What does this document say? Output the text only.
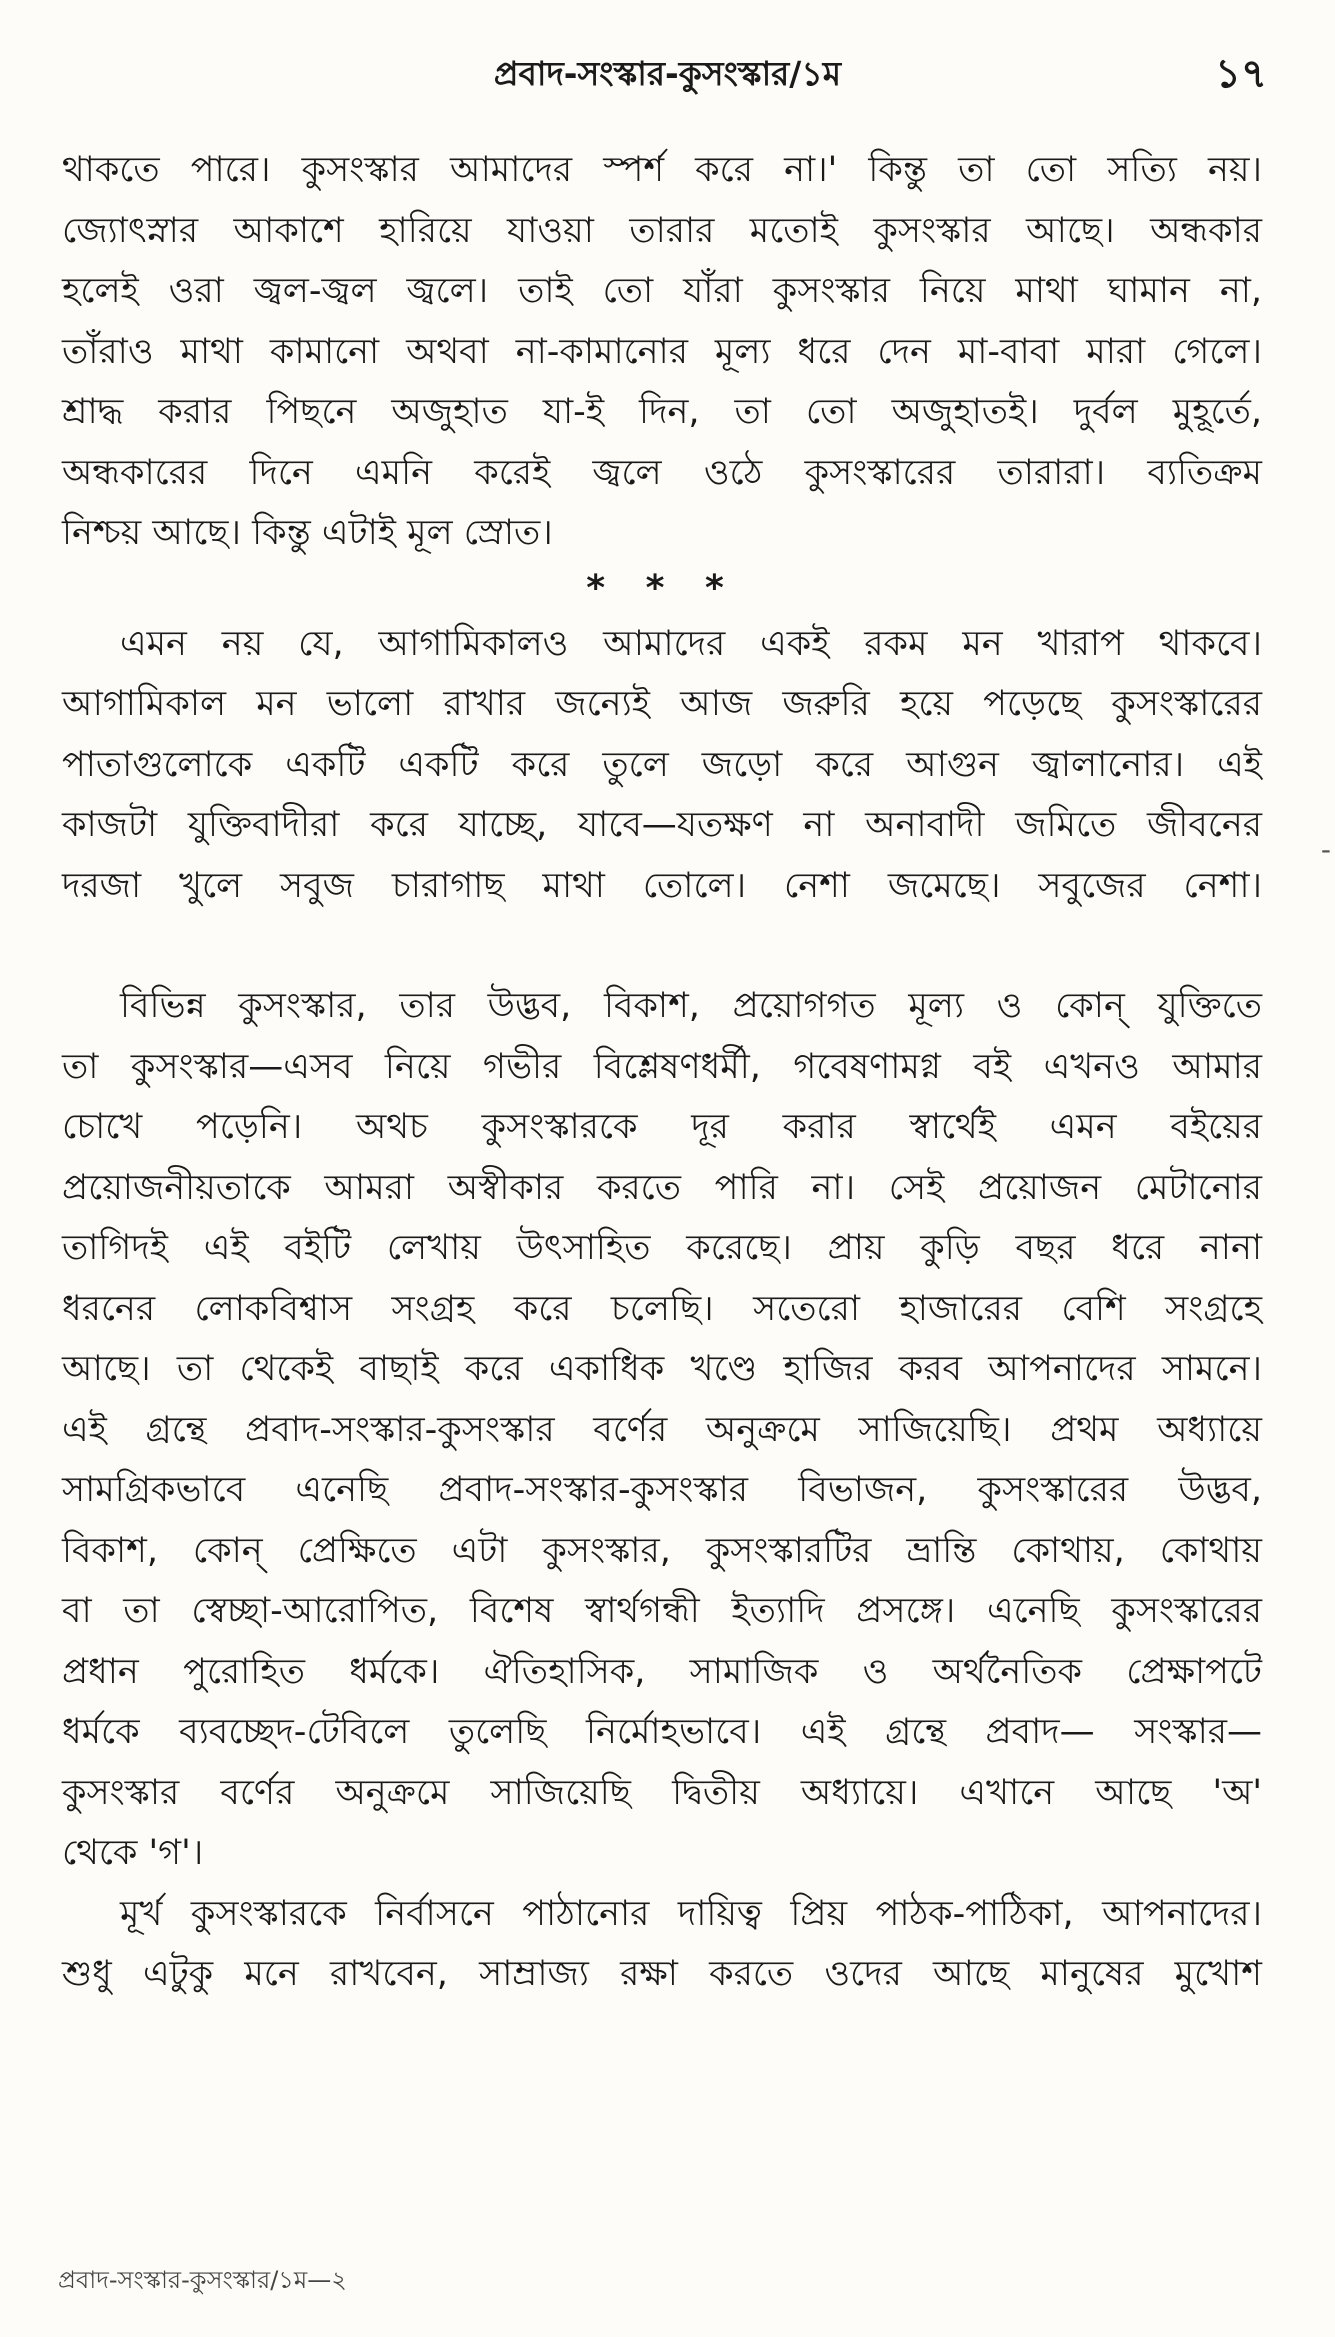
প্রবাদ-সংস্কার-কুসংস্কার/১ম	১৭
থাকতে পারে। কুসংস্কার আমাদের স্পর্শ করে না।' কিন্তু তা তো সত্যি নয়।
জ্যোৎস্নার আকাশে হারিয়ে যাওয়া তারার মতোই কুসংস্কার আছে। অন্ধকার
হলেই ওরা জ্বল-জ্বল জ্বলে। তাই তো যাঁরা কুসংস্কার নিয়ে মাথা ঘামান না,
তাঁরাও মাথা কামানো অথবা না-কামানোর মূল্য ধরে দেন মা-বাবা মারা গেলে।
শ্রাদ্ধ করার পিছনে অজুহাত যা-ই দিন, তা তো অজুহাতই। দুর্বল মুহূর্তে,
অন্ধকারের দিনে এমনি করেই জ্বলে ওঠে কুসংস্কারের তারারা। ব্যতিক্রম
নিশ্চয় আছে। কিন্তু এটাই মূল স্রোত।
* * *
এমন নয় যে, আগামিকালও আমাদের একই রকম মন খারাপ থাকবে।
আগামিকাল মন ভালো রাখার জন্যেই আজ জরুরি হয়ে পড়েছে কুসংস্কারের
পাতাগুলোকে একটি একটি করে তুলে জড়ো করে আগুন জ্বালানোর। এই
কাজটা যুক্তিবাদীরা করে যাচ্ছে, যাবে—যতক্ষণ না অনাবাদী জমিতে জীবনের
দরজা খুলে সবুজ চারাগাছ মাথা তোলে। নেশা জমেছে। সবুজের নেশা।
বিভিন্ন কুসংস্কার, তার উদ্ভব, বিকাশ, প্রয়োগগত মূল্য ও কোন্ যুক্তিতে
তা কুসংস্কার—এসব নিয়ে গভীর বিশ্লেষণধর্মী, গবেষণামগ্ন বই এখনও আমার
চোখে পড়েনি। অথচ কুসংস্কারকে দূর করার স্বার্থেই এমন বইয়ের
প্রয়োজনীয়তাকে আমরা অস্বীকার করতে পারি না। সেই প্রয়োজন মেটানোর
তাগিদই এই বইটি লেখায় উৎসাহিত করেছে। প্রায় কুড়ি বছর ধরে নানা
ধরনের লোকবিশ্বাস সংগ্রহ করে চলেছি। সতেরো হাজারের বেশি সংগ্রহে
আছে। তা থেকেই বাছাই করে একাধিক খণ্ডে হাজির করব আপনাদের সামনে।
এই গ্রন্থে প্রবাদ-সংস্কার-কুসংস্কার বর্ণের অনুক্রমে সাজিয়েছি। প্রথম অধ্যায়ে
সামগ্রিকভাবে এনেছি প্রবাদ-সংস্কার-কুসংস্কার বিভাজন, কুসংস্কারের উদ্ভব,
বিকাশ, কোন্ প্রেক্ষিতে এটা কুসংস্কার, কুসংস্কারটির ভ্রান্তি কোথায়, কোথায়
বা তা স্বেচ্ছা-আরোপিত, বিশেষ স্বার্থগন্ধী ইত্যাদি প্রসঙ্গে। এনেছি কুসংস্কারের
প্রধান পুরোহিত ধর্মকে। ঐতিহাসিক, সামাজিক ও অর্থনৈতিক প্রেক্ষাপটে
ধর্মকে ব্যবচ্ছেদ-টেবিলে তুলেছি নির্মোহভাবে। এই গ্রন্থে প্রবাদ— সংস্কার—
কুসংস্কার বর্ণের অনুক্রমে সাজিয়েছি দ্বিতীয় অধ্যায়ে। এখানে আছে 'অ'
থেকে 'গ'।
মূর্খ কুসংস্কারকে নির্বাসনে পাঠানোর দায়িত্ব প্রিয় পাঠক-পাঠিকা, আপনাদের।
শুধু এটুকু মনে রাখবেন, সাম্রাজ্য রক্ষা করতে ওদের আছে মানুষের মুখোশ
-
প্রবাদ-সংস্কার-কুসংস্কার/১ম—২
